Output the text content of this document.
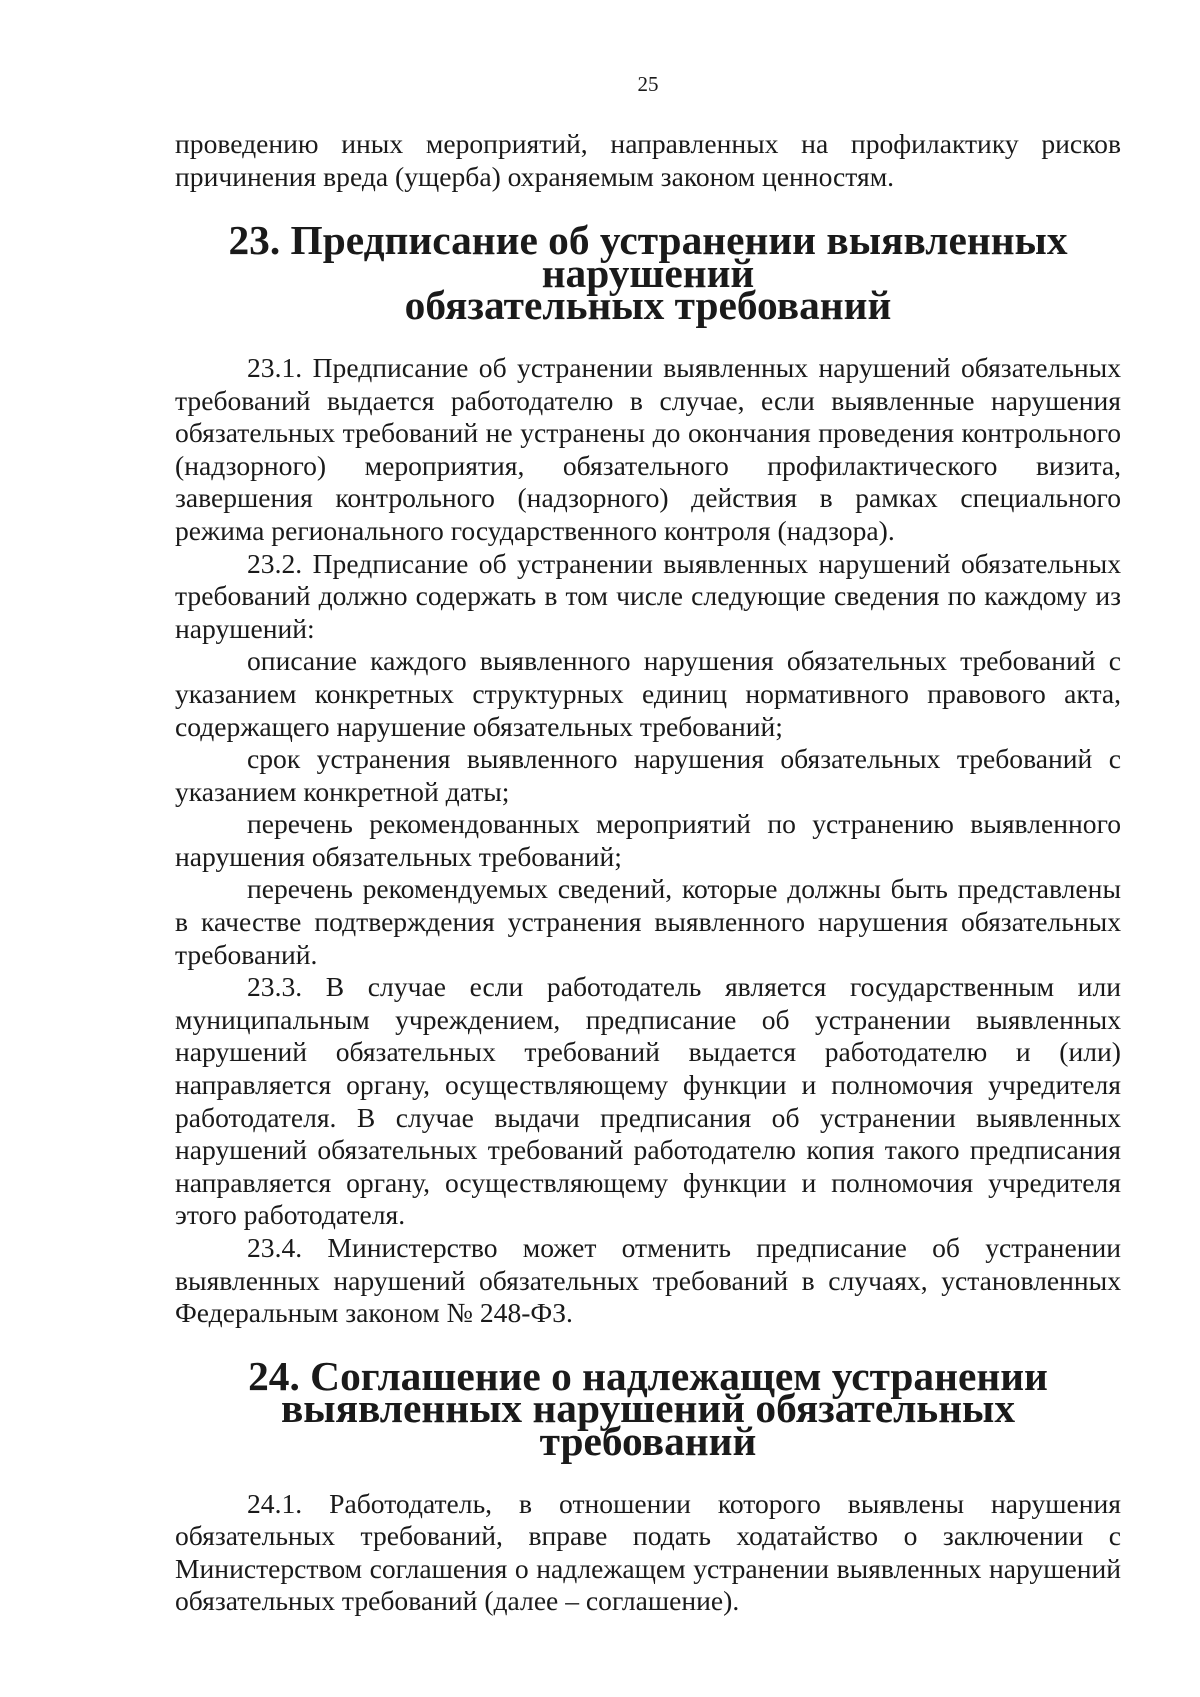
25

проведению иных мероприятий, направленных на профилактику рисков причинения вреда (ущерба) охраняемым законом ценностям.

23. Предписание об устранении выявленных нарушений
обязательных требований

23.1. Предписание об устранении выявленных нарушений обязательных требований выдается работодателю в случае, если выявленные нарушения обязательных требований не устранены до окончания проведения контрольного (надзорного) мероприятия, обязательного профилактического визита, завершения контрольного (надзорного) действия в рамках специального режима регионального государственного контроля (надзора).

23.2. Предписание об устранении выявленных нарушений обязательных требований должно содержать в том числе следующие сведения по каждому из нарушений:

описание каждого выявленного нарушения обязательных требований с указанием конкретных структурных единиц нормативного правового акта, содержащего нарушение обязательных требований;

срок устранения выявленного нарушения обязательных требований с указанием конкретной даты;

перечень рекомендованных мероприятий по устранению выявленного нарушения обязательных требований;

перечень рекомендуемых сведений, которые должны быть представлены в качестве подтверждения устранения выявленного нарушения обязательных требований.

23.3. В случае если работодатель является государственным или муниципальным учреждением, предписание об устранении выявленных нарушений обязательных требований выдается работодателю и (или) направляется органу, осуществляющему функции и полномочия учредителя работодателя. В случае выдачи предписания об устранении выявленных нарушений обязательных требований работодателю копия такого предписания направляется органу, осуществляющему функции и полномочия учредителя этого работодателя.

23.4. Министерство может отменить предписание об устранении выявленных нарушений обязательных требований в случаях, установленных Федеральным законом № 248-ФЗ.

24. Соглашение о надлежащем устранении
выявленных нарушений обязательных требований

24.1. Работодатель, в отношении которого выявлены нарушения обязательных требований, вправе подать ходатайство о заключении с Министерством соглашения о надлежащем устранении выявленных нарушений обязательных требований (далее – соглашение).
